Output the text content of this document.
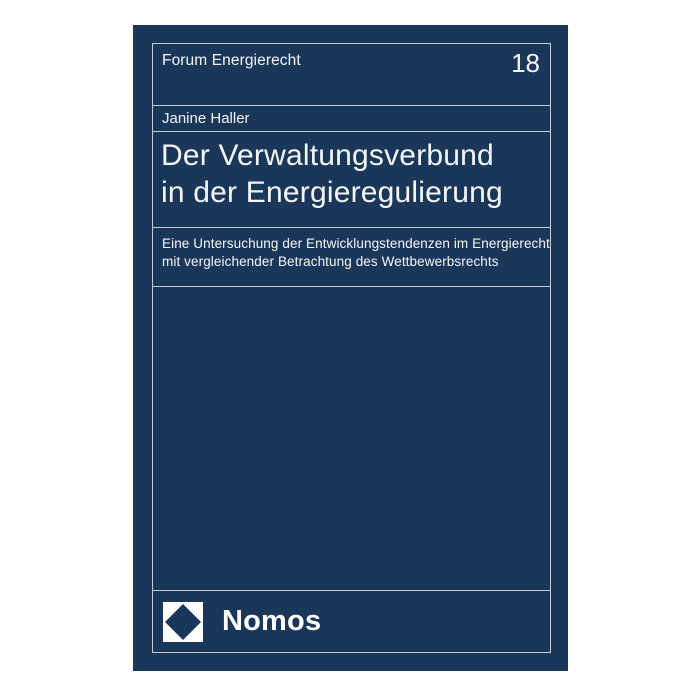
Forum Energierecht	18
Janine Haller
Der Verwaltungsverbund
in der Energieregulierung
Eine Untersuchung der Entwicklungstendenzen im Energierecht
mit vergleichender Betrachtung des Wettbewerbsrechts
Nomos
